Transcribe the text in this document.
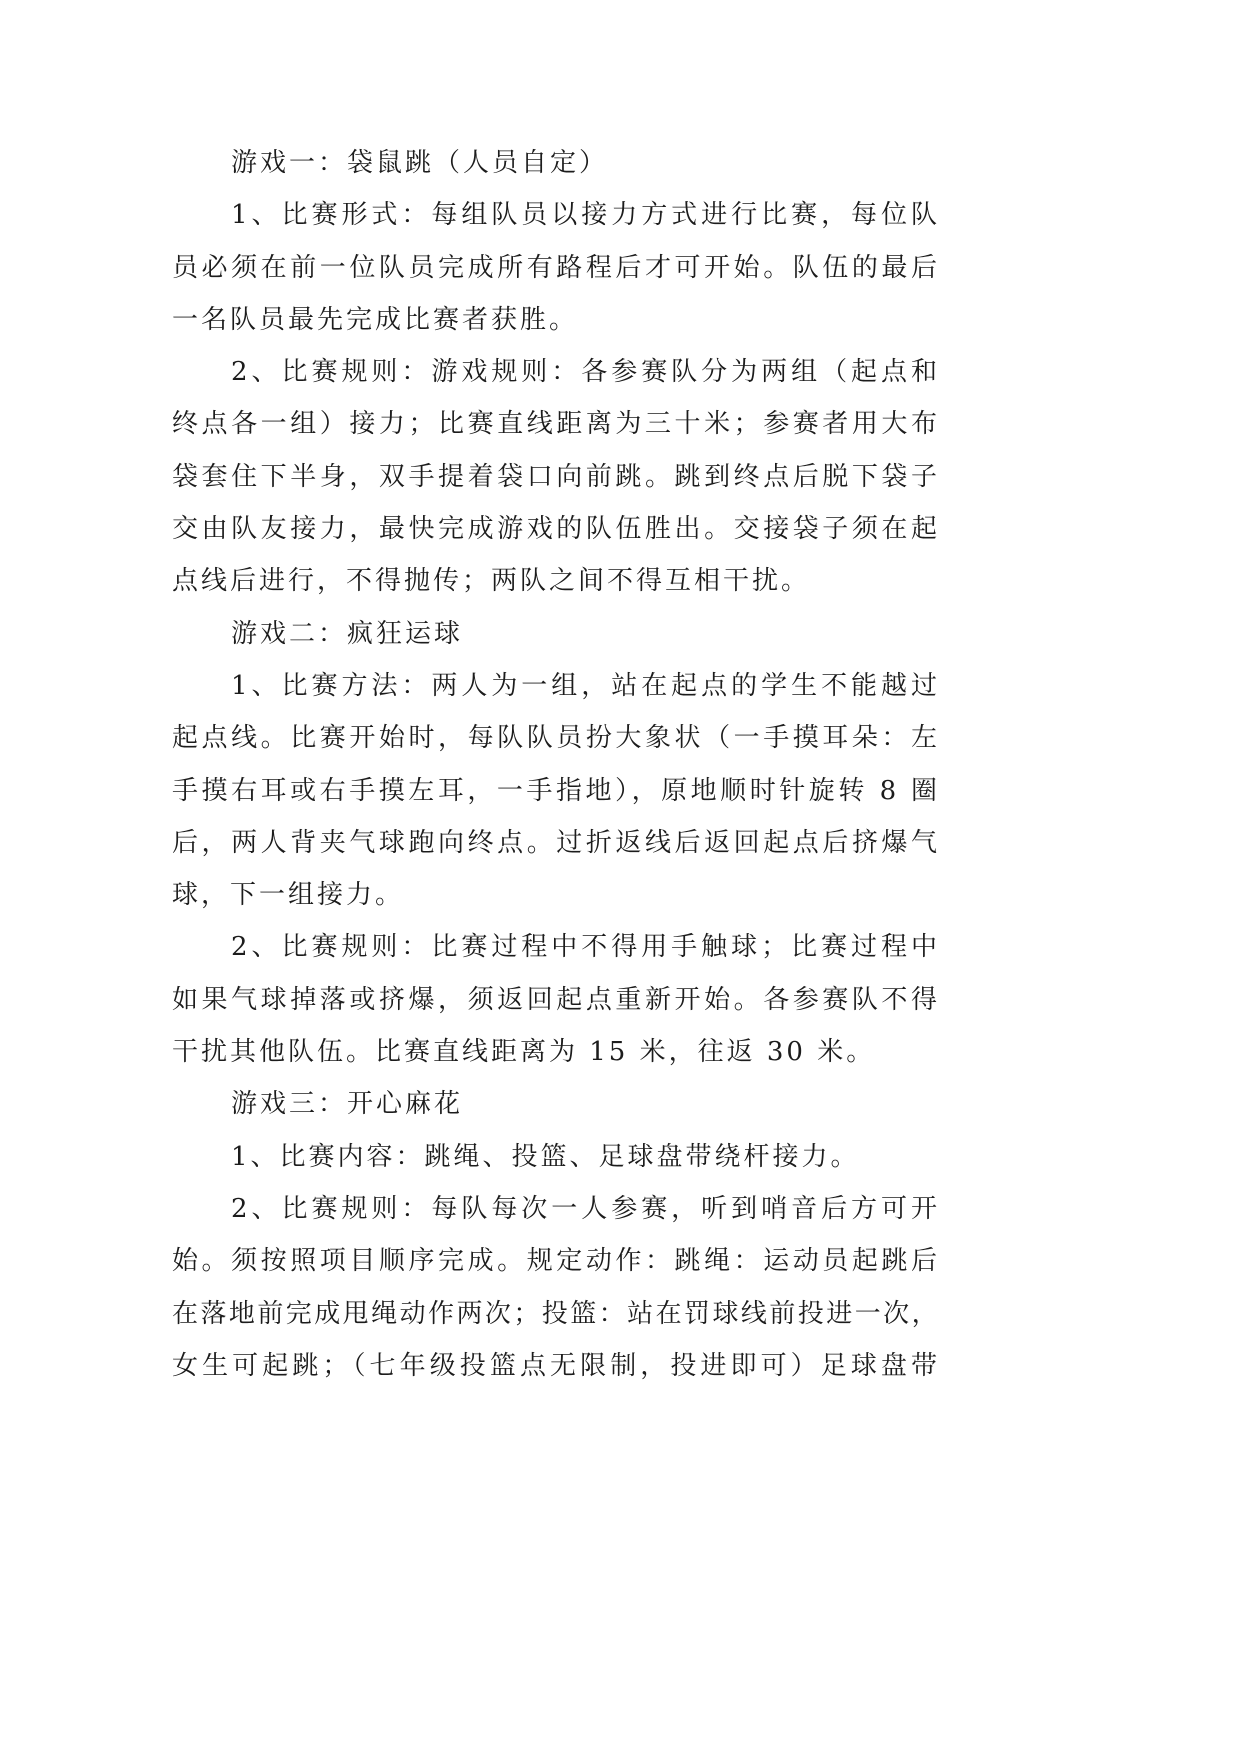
游戏一：袋鼠跳（人员自定）
1、比赛形式：每组队员以接力方式进行比赛，每位队
员必须在前一位队员完成所有路程后才可开始。队伍的最后
一名队员最先完成比赛者获胜。
2、比赛规则：游戏规则：各参赛队分为两组（起点和
终点各一组）接力；比赛直线距离为三十米；参赛者用大布
袋套住下半身，双手提着袋口向前跳。跳到终点后脱下袋子
交由队友接力，最快完成游戏的队伍胜出。交接袋子须在起
点线后进行，不得抛传；两队之间不得互相干扰。
游戏二：疯狂运球
1、比赛方法：两人为一组，站在起点的学生不能越过
起点线。比赛开始时，每队队员扮大象状（一手摸耳朵：左
手摸右耳或右手摸左耳，一手指地），原地顺时针旋转 8 圈
后，两人背夹气球跑向终点。过折返线后返回起点后挤爆气
球，下一组接力。
2、比赛规则：比赛过程中不得用手触球；比赛过程中
如果气球掉落或挤爆，须返回起点重新开始。各参赛队不得
干扰其他队伍。比赛直线距离为 15 米，往返 30 米。
游戏三：开心麻花
1、比赛内容：跳绳、投篮、足球盘带绕杆接力。
2、比赛规则：每队每次一人参赛，听到哨音后方可开
始。须按照项目顺序完成。规定动作：跳绳：运动员起跳后
在落地前完成甩绳动作两次；投篮：站在罚球线前投进一次，
女生可起跳；（七年级投篮点无限制，投进即可）足球盘带
